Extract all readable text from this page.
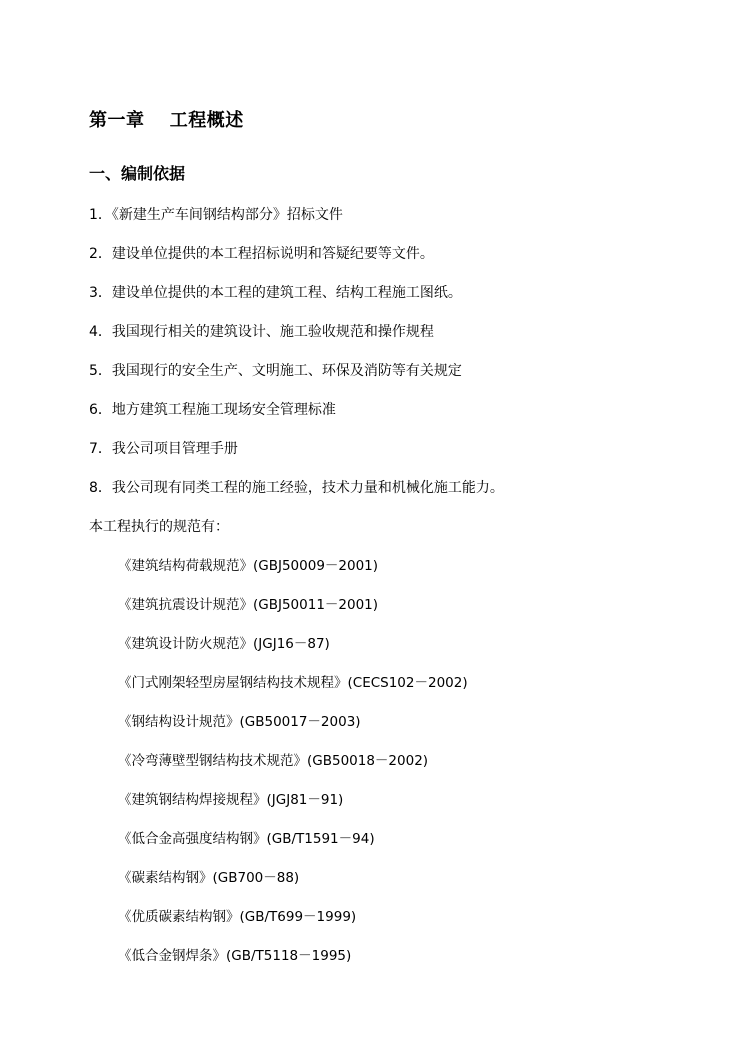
第一章　 工程概述
一、编制依据
1．《新建生产车间钢结构部分》招标文件
2．建设单位提供的本工程招标说明和答疑纪要等文件。
3．建设单位提供的本工程的建筑工程、结构工程施工图纸。
4．我国现行相关的建筑设计、施工验收规范和操作规程
5．我国现行的安全生产、文明施工、环保及消防等有关规定
6．地方建筑工程施工现场安全管理标准
7．我公司项目管理手册
8．我公司现有同类工程的施工经验，技术力量和机械化施工能力。
本工程执行的规范有：
《建筑结构荷载规范》(GBJ50009－2001)
《建筑抗震设计规范》(GBJ50011－2001)
《建筑设计防火规范》(JGJ16－87)
《门式刚架轻型房屋钢结构技术规程》(CECS102－2002)
《钢结构设计规范》(GB50017－2003)
《冷弯薄壁型钢结构技术规范》(GB50018－2002)
《建筑钢结构焊接规程》(JGJ81－91)
《低合金高强度结构钢》(GB/T1591－94)
《碳素结构钢》(GB700－88)
《优质碳素结构钢》(GB/T699－1999)
《低合金钢焊条》(GB/T5118－1995)
